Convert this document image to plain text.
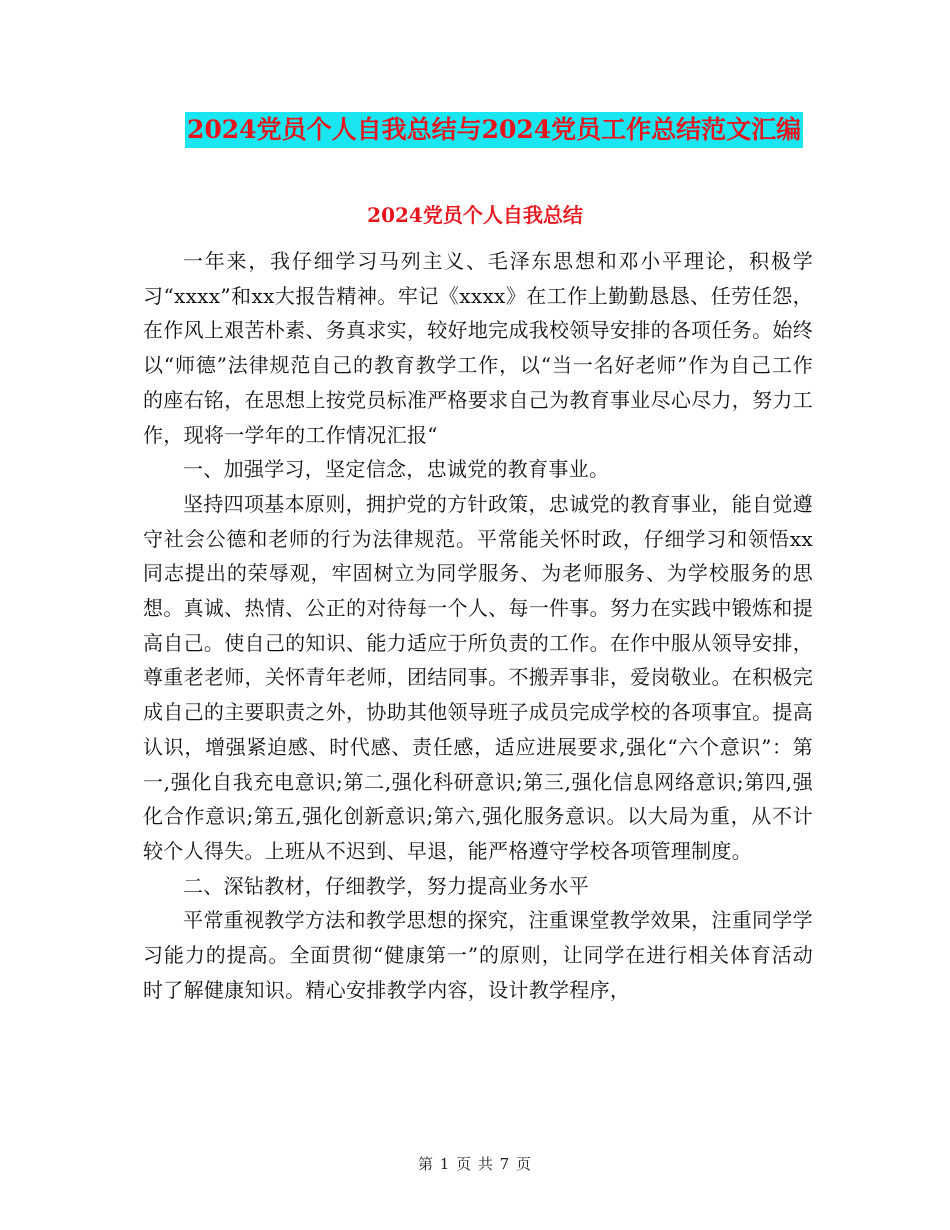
2024党员个人自我总结与2024党员工作总结范文汇编
2024党员个人自我总结

一年来，我仔细学习马列主义、毛泽东思想和邓小平理论，积极学习“xxxx”和xx大报告精神。牢记《xxxx》在工作上勤勤恳恳、任劳任怨，在作风上艰苦朴素、务真求实，较好地完成我校领导安排的各项任务。始终以“师德”法律规范自己的教育教学工作，以“当一名好老师”作为自己工作的座右铭，在思想上按党员标准严格要求自己为教育事业尽心尽力，努力工作，现将一学年的工作情况汇报“

一、加强学习，坚定信念，忠诚党的教育事业。

坚持四项基本原则，拥护党的方针政策，忠诚党的教育事业，能自觉遵守社会公德和老师的行为法律规范。平常能关怀时政，仔细学习和领悟xx同志提出的荣辱观，牢固树立为同学服务、为老师服务、为学校服务的思想。真诚、热情、公正的对待每一个人、每一件事。努力在实践中锻炼和提高自己。使自己的知识、能力适应于所负责的工作。在作中服从领导安排，尊重老老师，关怀青年老师，团结同事。不搬弄事非，爱岗敬业。在积极完成自己的主要职责之外，协助其他领导班子成员完成学校的各项事宜。提高认识，增强紧迫感、时代感、责任感，适应进展要求,强化“六个意识”：第一,强化自我充电意识;第二,强化科研意识;第三,强化信息网络意识;第四,强化合作意识;第五,强化创新意识;第六,强化服务意识。以大局为重，从不计较个人得失。上班从不迟到、早退，能严格遵守学校各项管理制度。

二、深钻教材，仔细教学，努力提高业务水平

平常重视教学方法和教学思想的探究，注重课堂教学效果，注重同学学习能力的提高。全面贯彻“健康第一”的原则，让同学在进行相关体育活动时了解健康知识。精心安排教学内容，设计教学程序，

第 1 页 共 7 页
